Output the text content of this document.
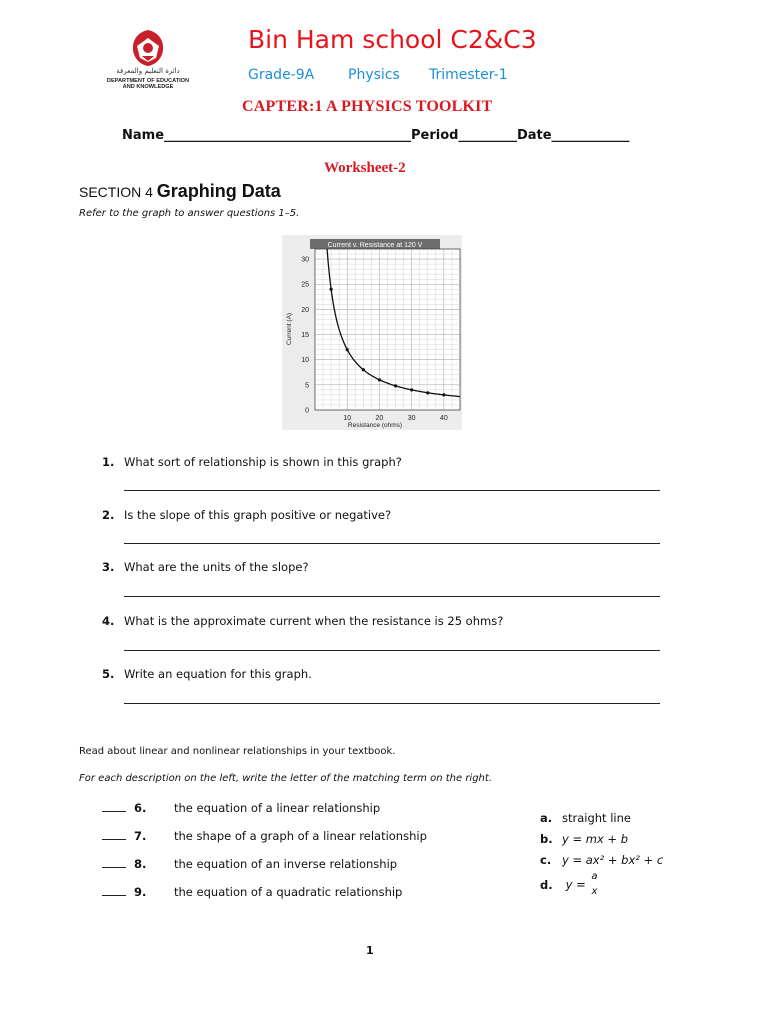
دائرة التعليم والمعرفة
DEPARTMENT OF EDUCATION
AND KNOWLEDGE
Bin Ham school C2&C3
Grade-9A Physics Trimester-1
CAPTER:1 A PHYSICS TOOLKIT
Name______________________________________Period_________Date____________
Worksheet-2
SECTION 4 Graphing Data
Refer to the graph to answer questions 1–5.
Current v. Resistance at 120 V
0
5
10
15
20
25
30
10	20	30	40
Resistance (ohms)
Current (A)
1. What sort of relationship is shown in this graph?
2. Is the slope of this graph positive or negative?
3. What are the units of the slope?
4. What is the approximate current when the resistance is 25 ohms?
5. Write an equation for this graph.
Read about linear and nonlinear relationships in your textbook.
For each description on the left, write the letter of the matching term on the right.
6. the equation of a linear relationship
7. the shape of a graph of a linear relationship
8. the equation of an inverse relationship
9. the equation of a quadratic relationship
a. straight line
b. y = mx + b
c. y = ax² + bx² + c
d. $y = \frac{a}{x}$
1
